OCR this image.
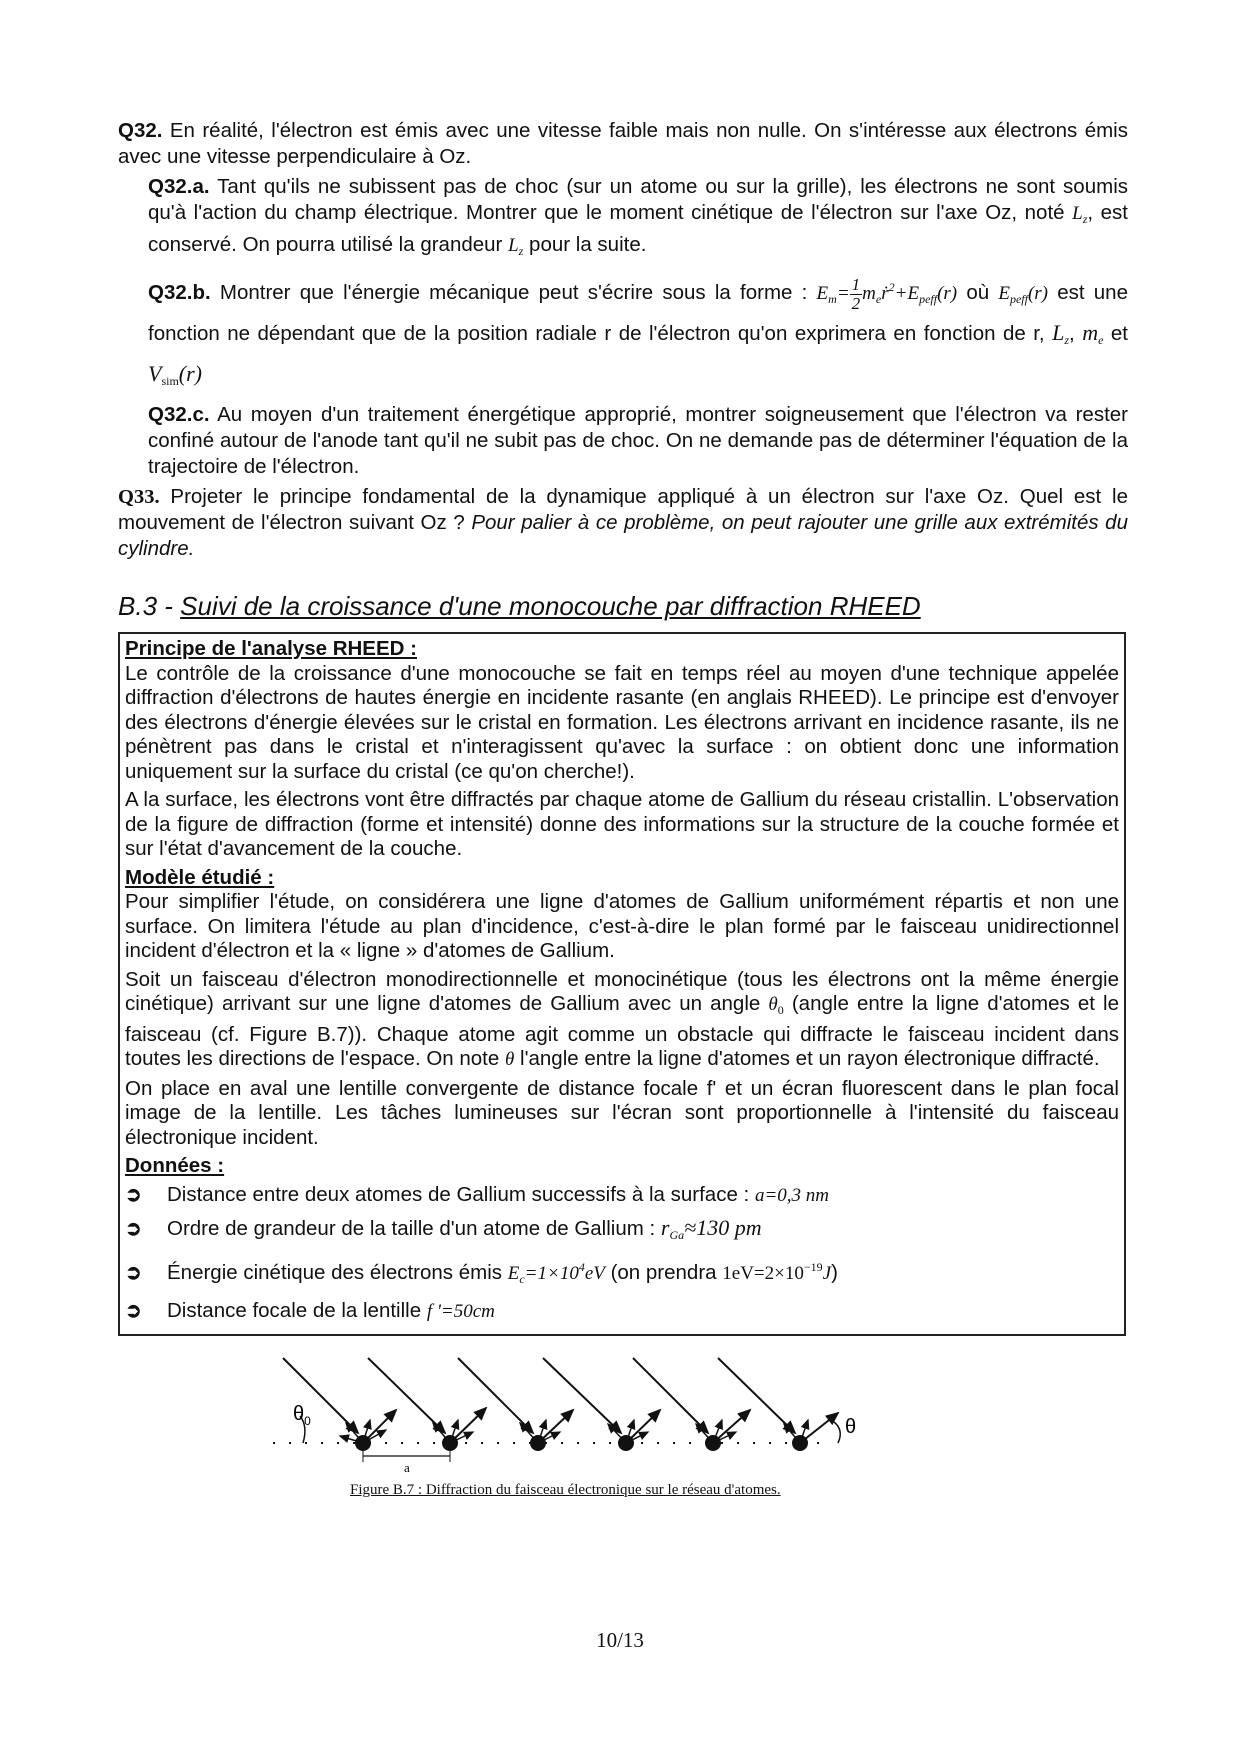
Q32. En réalité, l'électron est émis avec une vitesse faible mais non nulle. On s'intéresse aux électrons émis avec une vitesse perpendiculaire à Oz.

Q32.a. Tant qu'ils ne subissent pas de choc (sur un atome ou sur la grille), les électrons ne sont soumis qu'à l'action du champ électrique. Montrer que le moment cinétique de l'électron sur l'axe Oz, noté $L_z$, est conservé. On pourra utilisé la grandeur $L_z$ pour la suite.

Q32.b. Montrer que l'énergie mécanique peut s'écrire sous la forme : $E_m= \frac{1}{2}$ $m_eṙ^2+E_{peff}(r)$ où $E_{peff}(r)$ est une fonction ne dépendant que de la position radiale r de l'électron qu'on exprimera en fonction de r, $L_z$, $m_e$ et $V_{sim}(r)$

Q32.c. Au moyen d'un traitement énergétique approprié, montrer soigneusement que l'électron va rester confiné autour de l'anode tant qu'il ne subit pas de choc. On ne demande pas de déterminer l'équation de la trajectoire de l'électron.

Q33. Projeter le principe fondamental de la dynamique appliqué à un électron sur l'axe Oz. Quel est le mouvement de l'électron suivant Oz ? Pour palier à ce problème, on peut rajouter une grille aux extrémités du cylindre.

B.3 - Suivi de la croissance d'une monocouche par diffraction RHEED

Principe de l'analyse RHEED :

Le contrôle de la croissance d'une monocouche se fait en temps réel au moyen d'une technique appelée diffraction d'électrons de hautes énergie en incidente rasante (en anglais RHEED). Le principe est d'envoyer des électrons d'énergie élevées sur le cristal en formation. Les électrons arrivant en incidence rasante, ils ne pénètrent pas dans le cristal et n'interagissent qu'avec la surface : on obtient donc une information uniquement sur la surface du cristal (ce qu'on cherche!).

A la surface, les électrons vont être diffractés par chaque atome de Gallium du réseau cristallin. L'observation de la figure de diffraction (forme et intensité) donne des informations sur la structure de la couche formée et sur l'état d'avancement de la couche.

Modèle étudié :

Pour simplifier l'étude, on considérera une ligne d'atomes de Gallium uniformément répartis et non une surface. On limitera l'étude au plan d'incidence, c'est-à-dire le plan formé par le faisceau unidirectionnel incident d'électron et la « ligne » d'atomes de Gallium.

Soit un faisceau d'électron monodirectionnelle et monocinétique (tous les électrons ont la même énergie cinétique) arrivant sur une ligne d'atomes de Gallium avec un angle $\theta_0$ (angle entre la ligne d'atomes et le faisceau (cf. Figure B.7)). Chaque atome agit comme un obstacle qui diffracte le faisceau incident dans toutes les directions de l'espace. On note θ l'angle entre la ligne d'atomes et un rayon électronique diffracté.

On place en aval une lentille convergente de distance focale f' et un écran fluorescent dans le plan focal image de la lentille. Les tâches lumineuses sur l'écran sont proportionnelle à l'intensité du faisceau électronique incident.

Données :

➲	Distance entre deux atomes de Gallium successifs à la surface :
a=0,3 nm
➲	Ordre de grandeur de la taille d'un atome de Gallium :
$r_{Ga} \approx 130$ pm
➲	Énergie cinétique des électrons émis
$E_c=1\times 10^4eV$
(on prendra
$1eV=2\times 10^{-19}J$ )
➲	Distance focale de la lentille
f '=50cm
$\theta_0$	θ
a
Figure B.7 : Diffraction du faisceau électronique sur le réseau d'atomes.
10/13
